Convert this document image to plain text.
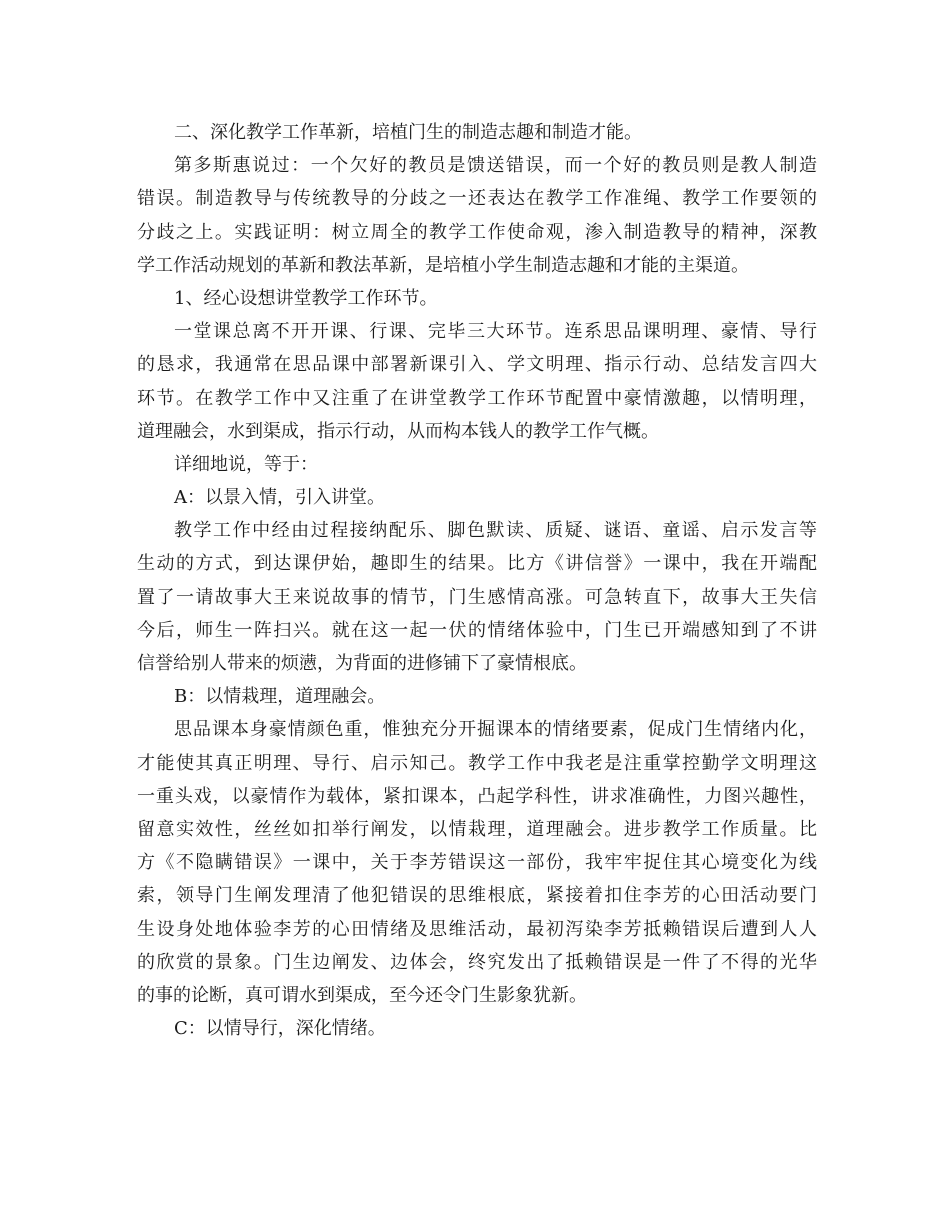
二、深化教学工作革新，培植门生的制造志趣和制造才能。
第多斯惠说过：一个欠好的教员是馈送错误，而一个好的教员则是教人制造
错误。制造教导与传统教导的分歧之一还表达在教学工作准绳、教学工作要领的
分歧之上。实践证明：树立周全的教学工作使命观，渗入制造教导的精神，深教
学工作活动规划的革新和教法革新，是培植小学生制造志趣和才能的主渠道。
1、经心设想讲堂教学工作环节。
一堂课总离不开开课、行课、完毕三大环节。连系思品课明理、豪情、导行
的恳求，我通常在思品课中部署新课引入、学文明理、指示行动、总结发言四大
环节。在教学工作中又注重了在讲堂教学工作环节配置中豪情激趣，以情明理，
道理融会，水到渠成，指示行动，从而构本钱人的教学工作气概。
详细地说，等于：
A：以景入情，引入讲堂。
教学工作中经由过程接纳配乐、脚色默读、质疑、谜语、童谣、启示发言等
生动的方式，到达课伊始，趣即生的结果。比方《讲信誉》一课中，我在开端配
置了一请故事大王来说故事的情节，门生感情高涨。可急转直下，故事大王失信
今后，师生一阵扫兴。就在这一起一伏的情绪体验中，门生已开端感知到了不讲
信誉给别人带来的烦懑，为背面的进修铺下了豪情根底。
B：以情栽理，道理融会。
思品课本身豪情颜色重，惟独充分开掘课本的情绪要素，促成门生情绪内化，
才能使其真正明理、导行、启示知己。教学工作中我老是注重掌控勤学文明理这
一重头戏，以豪情作为载体，紧扣课本，凸起学科性，讲求准确性，力图兴趣性，
留意实效性，丝丝如扣举行阐发，以情栽理，道理融会。进步教学工作质量。比
方《不隐瞒错误》一课中，关于李芳错误这一部份，我牢牢捉住其心境变化为线
索，领导门生阐发理清了他犯错误的思维根底，紧接着扣住李芳的心田活动要门
生设身处地体验李芳的心田情绪及思维活动，最初泻染李芳抵赖错误后遭到人人
的欣赏的景象。门生边阐发、边体会，终究发出了抵赖错误是一件了不得的光华
的事的论断，真可谓水到渠成，至今还令门生影象犹新。
C：以情导行，深化情绪。
